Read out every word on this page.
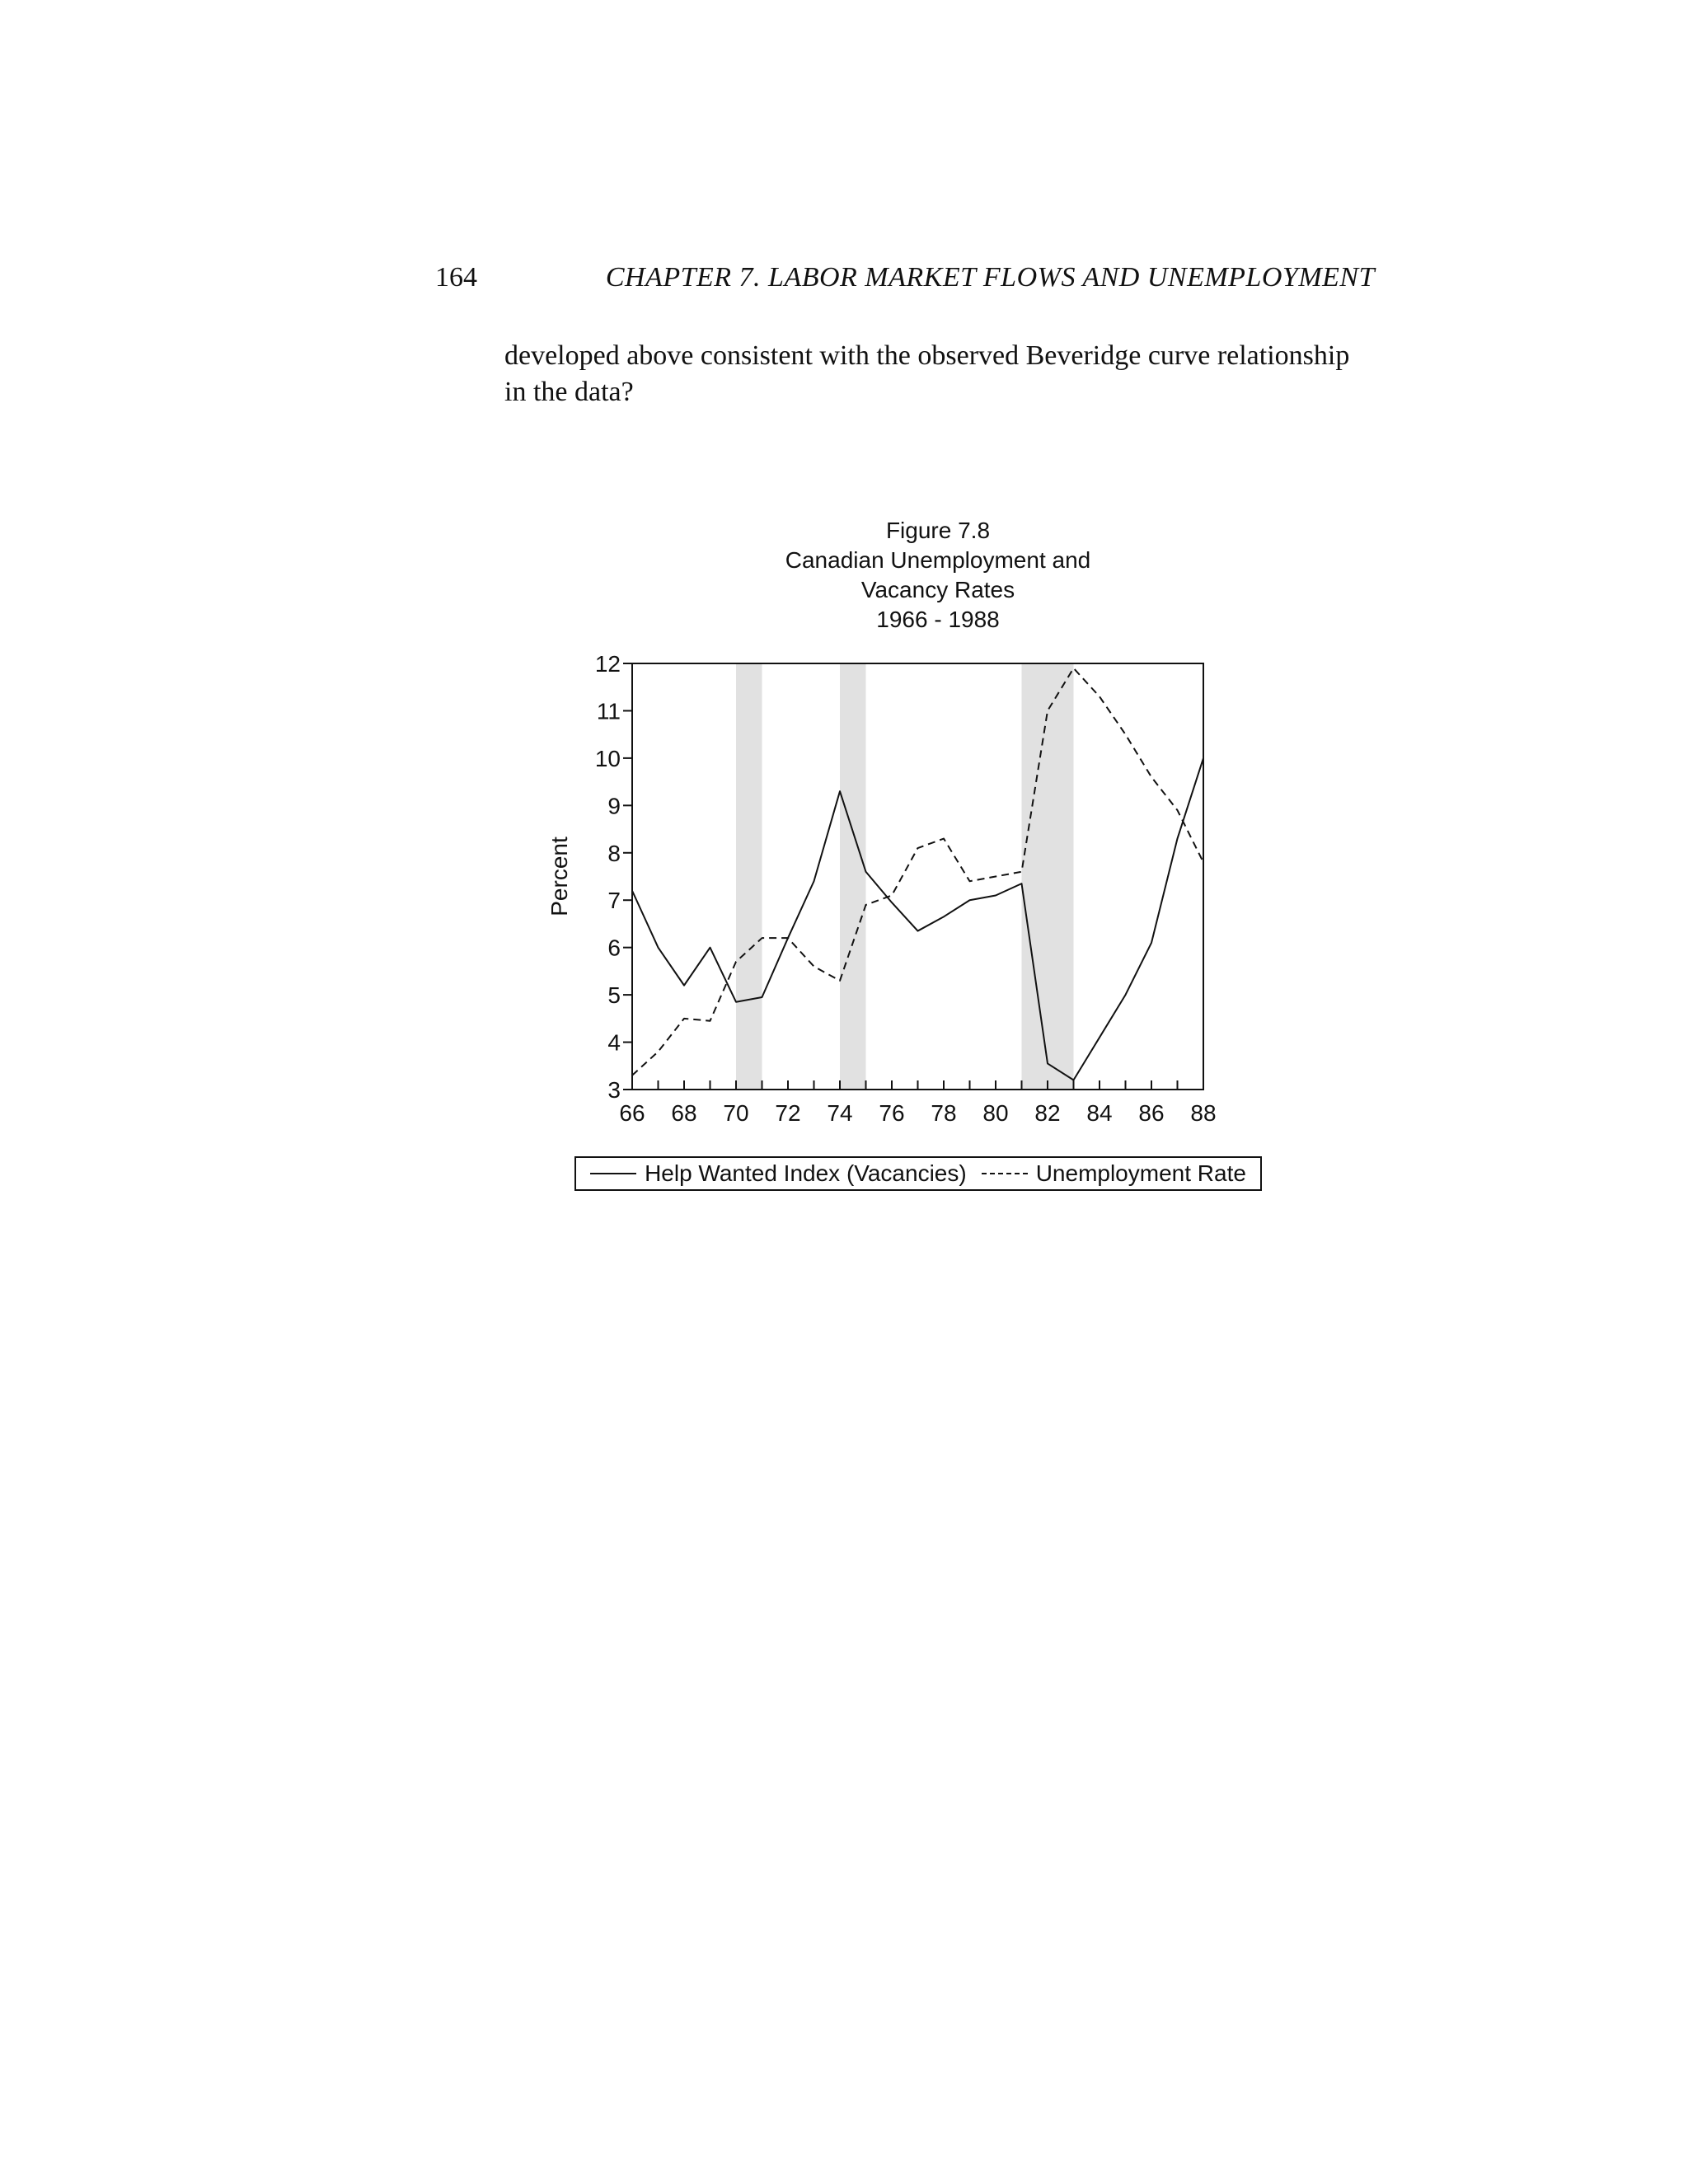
164	CHAPTER 7. LABOR MARKET FLOWS AND UNEMPLOYMENT

developed above consistent with the observed Beveridge curve relationship

in the data?

Figure 7.8
Canadian Unemployment and
Vacancy Rates
1966 - 1988
66 68 70 72 74 76 78 80 82 84 86 88
3
4
5
6
7
8
9
10
11
12
Percent
Help Wanted Index (Vacancies)	Unemployment Rate
